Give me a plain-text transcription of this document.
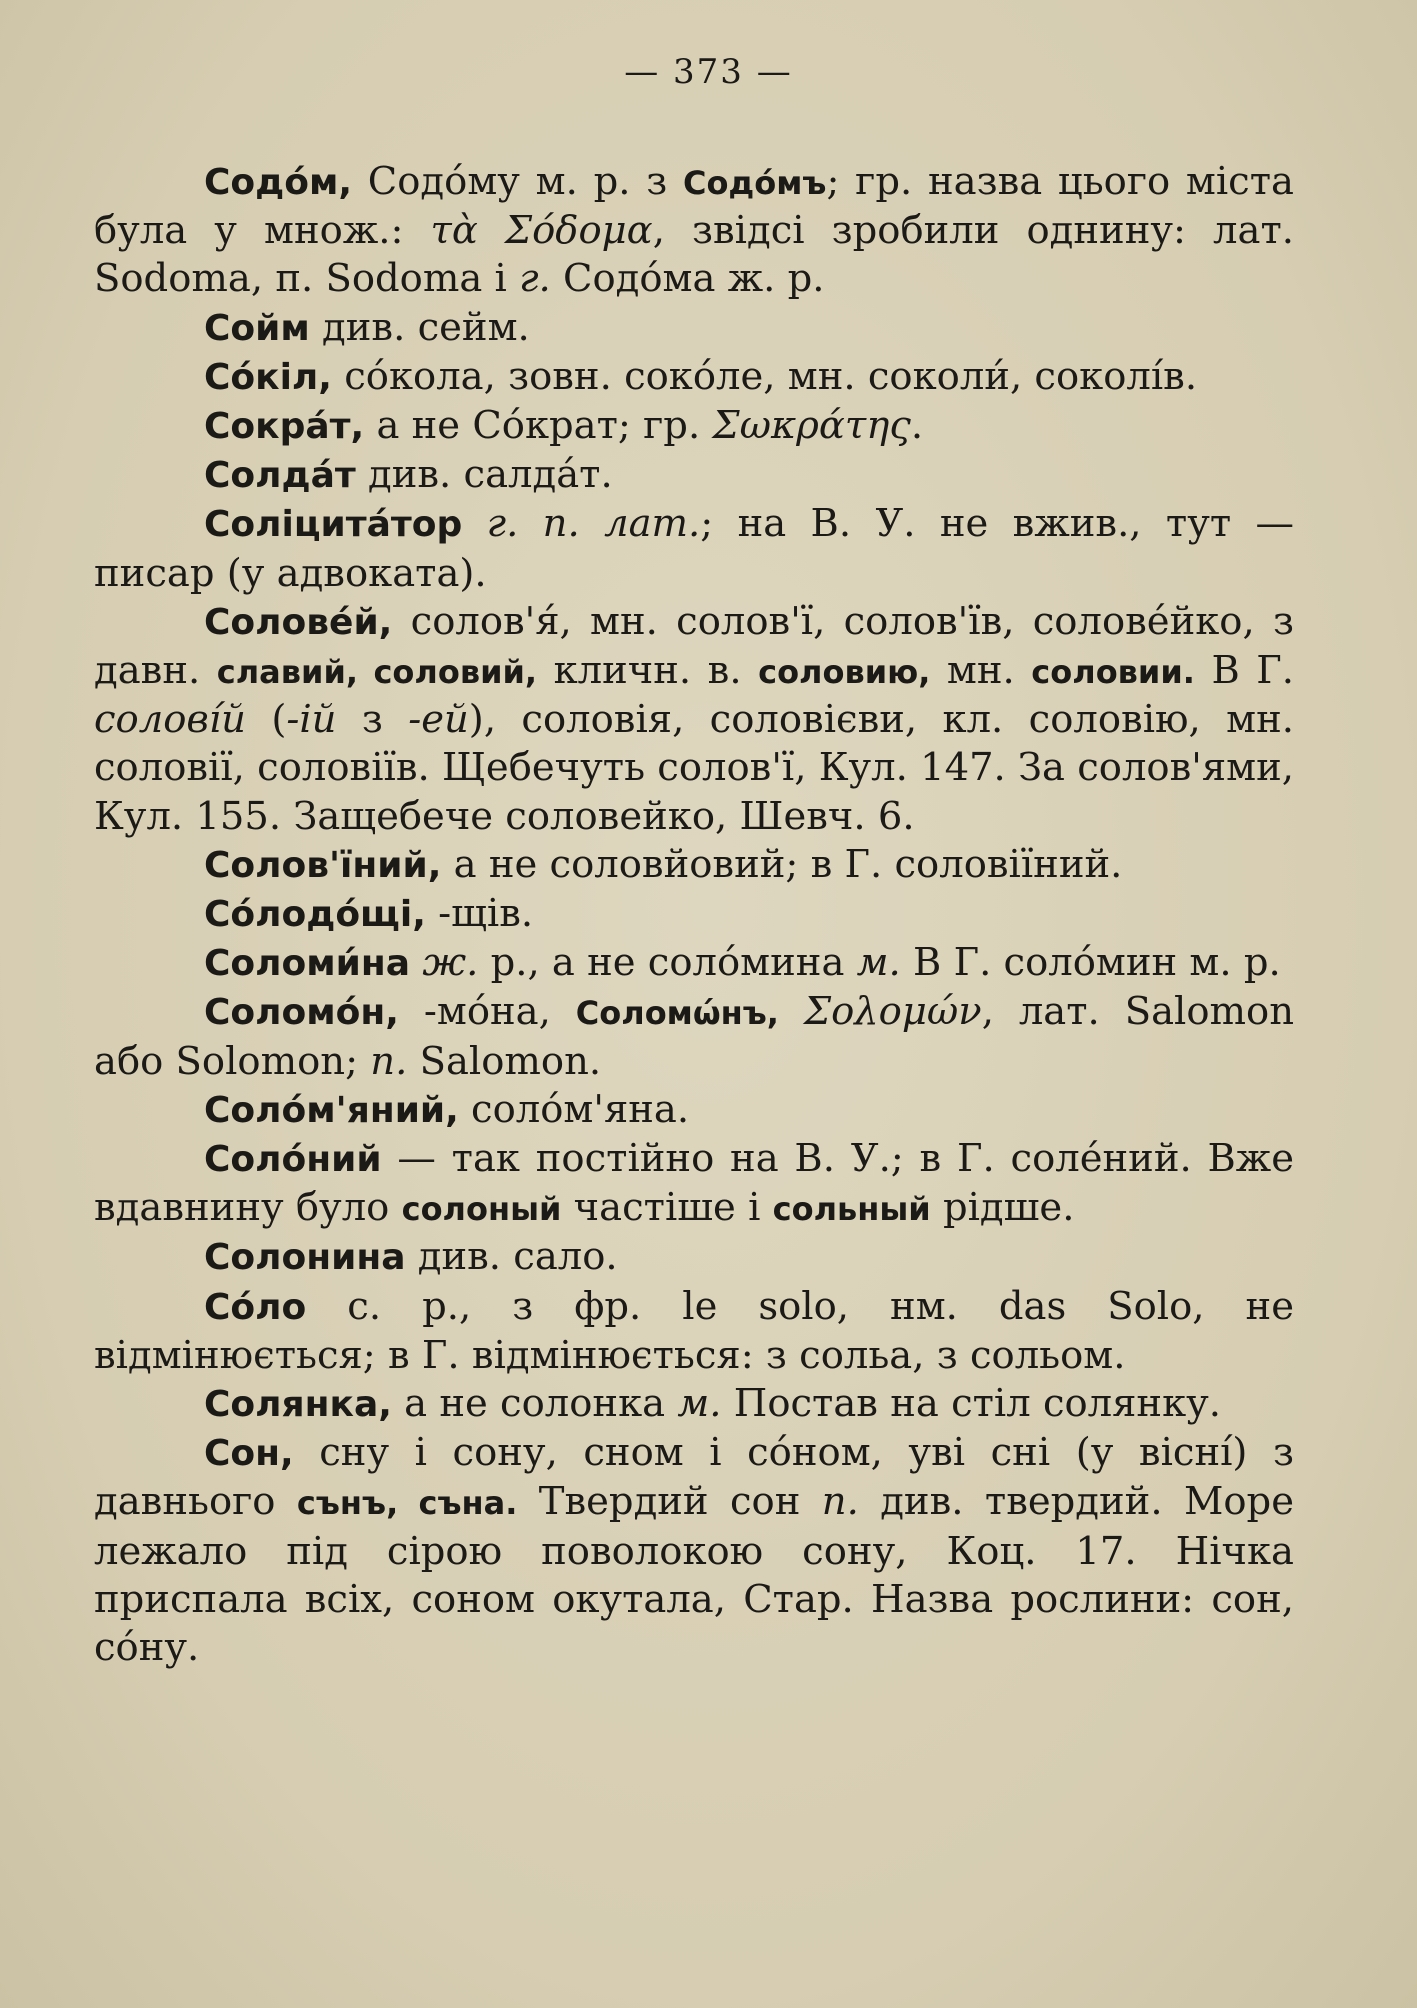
— 373 —

Содóм, Содóму м. р. з Содóмъ; гр. назва цього міста була у множ.: τὰ Σόδομα, звідсі зробили однину: лат. Sodoma, п. Sodoma і г. Содóма ж. р.

Сойм див. сейм.

Сóкіл, сóкола, зовн. сокóле, мн. соколи́, соколі́в.

Сокрáт, а не Сóкрат; гр. Σωκράτης.

Солдáт див. салдáт.

Соліцитáтор г. п. лат.; на В. У. не вжив., тут — писар (у адвоката).

Соловéй, солов'я́, мн. солов'ї, солов'їв, соловéйко, з давн. славий, соловий, кличн. в. соловию, мн. соловии. В Г. соловíй (-ій з -ей), соловія, соловієви, кл. соловію, мн. соловії, соловіїв. Щебечуть солов'ї, Кул. 147. За солов'ями, Кул. 155. Защебече соловейко, Шевч. 6.

Солов'їний, а не соловйовий; в Г. соловіїний.

Сóлодóщі, -щів.

Соломи́на ж. р., а не солóмина м. В Г. солóмин м. р.

Соломóн, -мóна, Соломѡ́нъ, Σολομών, лат. Salomon або Solomon; п. Salomon.

Солóм'яний, солóм'яна.

Солóний — так постійно на В. У.; в Г. солéний. Вже вдавнину було солоный частіше і сольный рідше.

Солонина див. сало.

Сóло с. р., з фр. le solo, нм. das Solo, не відмінюється; в Г. відмінюється: з сольа, з сольом.

Солянка, а не солонка м. Постав на стіл солянку.

Сон, сну і сону, сном і сóном, уві сні (у віснí) з давнього сънъ, съна. Твердий сон п. див. твердий. Море лежало під сірою поволокою сону, Коц. 17. Нічка приспала всіх, соном окутала, Стар. Назва рослини: сон, сóну.
